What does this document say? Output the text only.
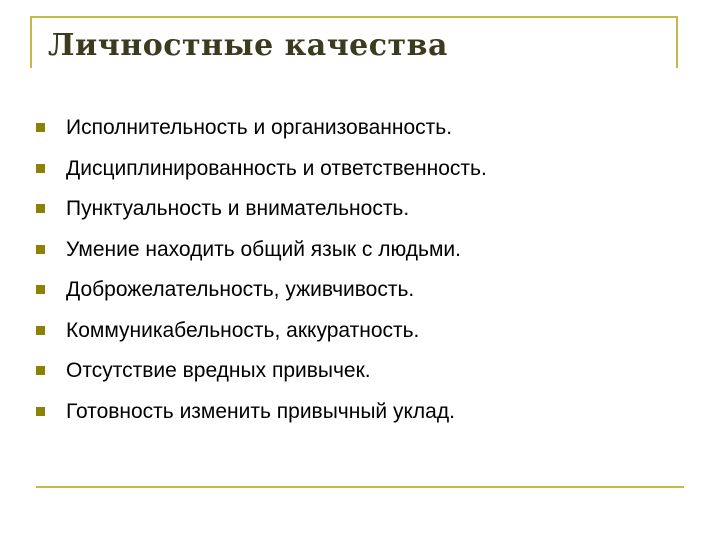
Личностные качества
Исполнительность и организованность.
Дисциплинированность и ответственность.
Пунктуальность и внимательность.
Умение находить общий язык с людьми.
Доброжелательность, уживчивость.
Коммуникабельность, аккуратность.
Отсутствие вредных привычек.
Готовность изменить привычный уклад.
